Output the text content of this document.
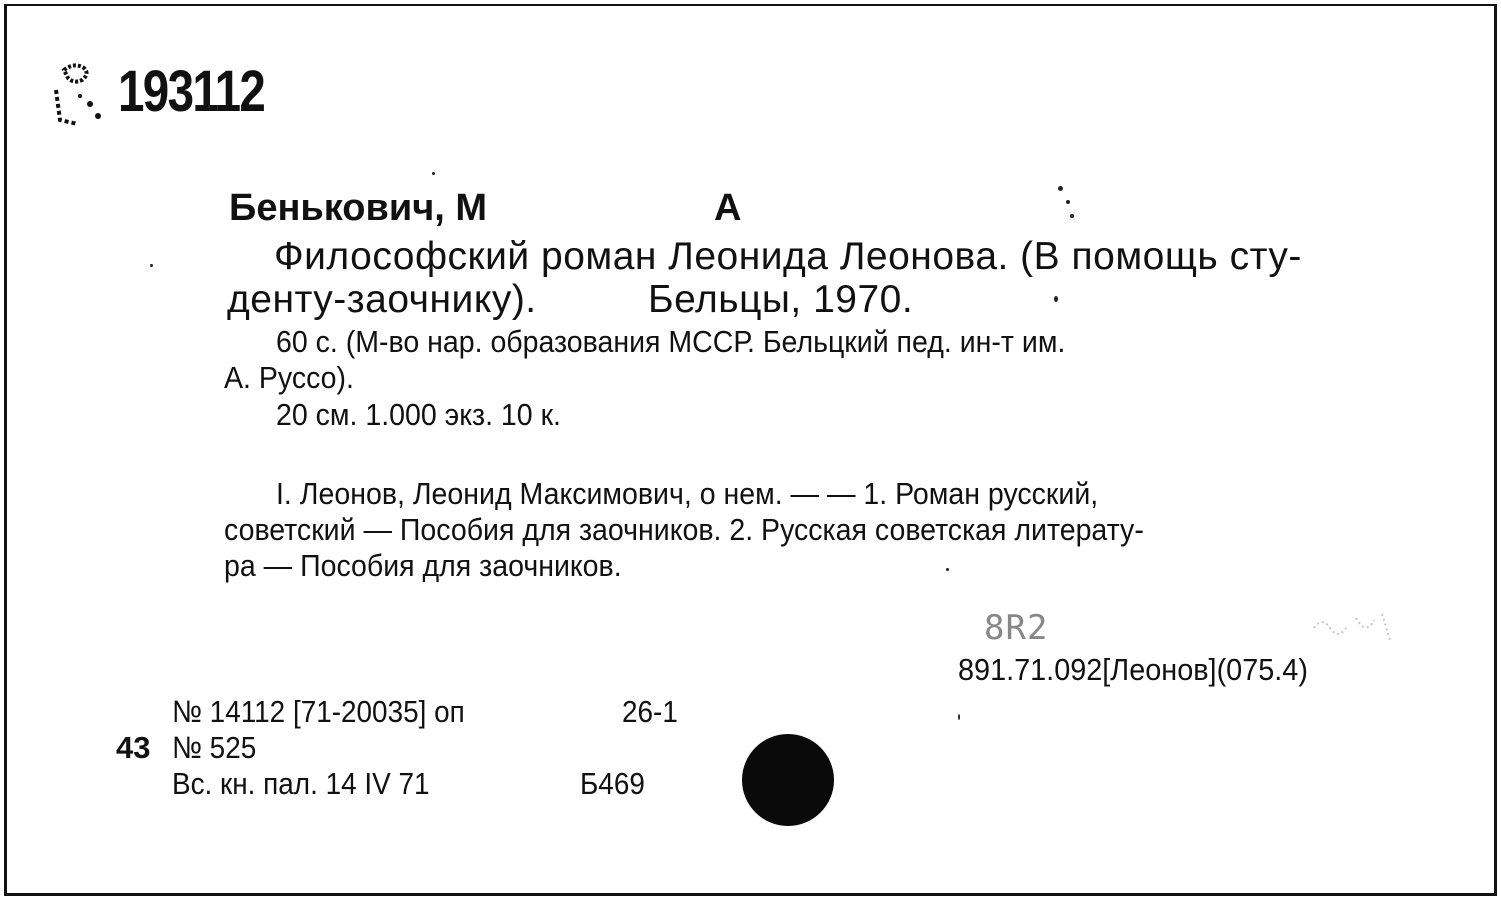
193112
Бенькович, М	А
Философский роман Леонида Леонова. (В помощь сту-
денту-заочнику).	Бельцы, 1970.
60 с. (М-во нар. образования МССР. Бельцкий пед. ин-т им.
А. Руссо).
20 см. 1.000 экз. 10 к.
I. Леонов, Леонид Максимович, о нем. — — 1. Роман русский,
советский — Пособия для заочников. 2. Русская советская литерату-
ра — Пособия для заочников.
8R2
891.71.092[Леонов](075.4)
№ 14112 [71-20035] оп	26-1
43 № 525
Вс. кн. пал. 14 IV 71	Б469
